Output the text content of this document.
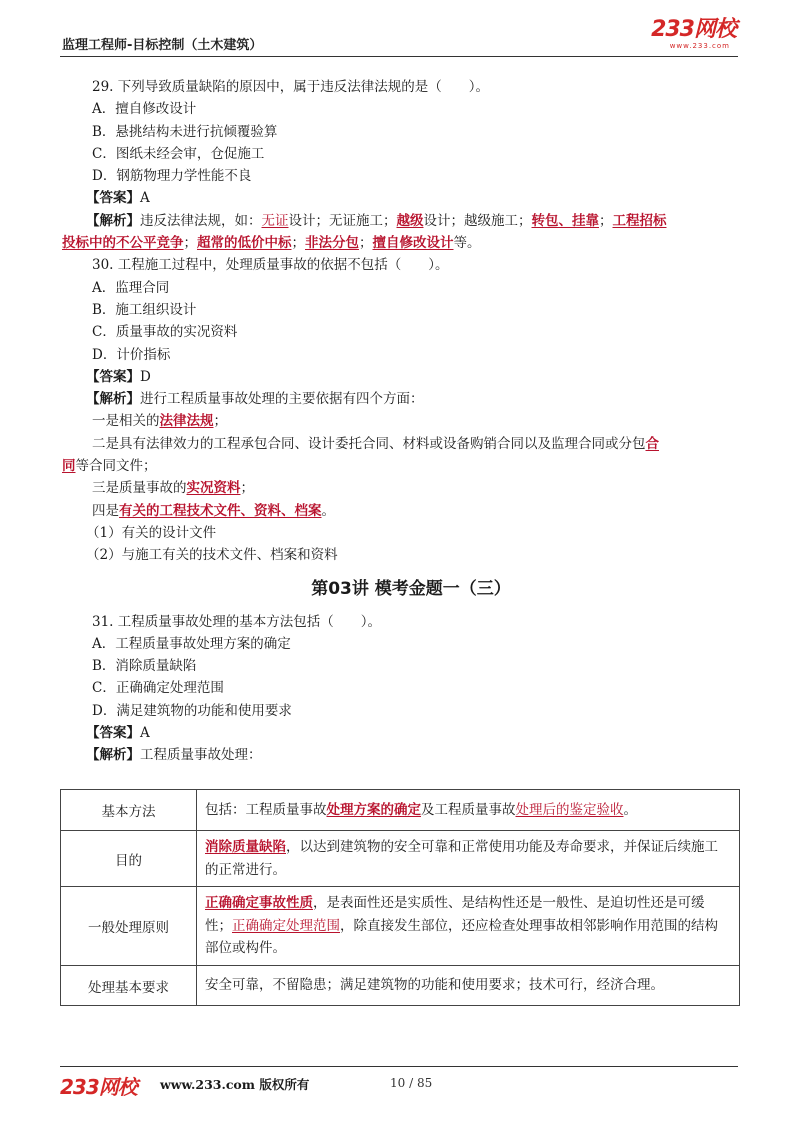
监理工程师-目标控制（土木建筑）
233网校
www.233.com
29. 下列导致质量缺陷的原因中，属于违反法律法规的是（　　）。
A．擅自修改设计
B．悬挑结构未进行抗倾覆验算
C．图纸未经会审，仓促施工
D．钢筋物理力学性能不良
【答案】A
【解析】违反法律法规，如：无证设计；无证施工；越级设计；越级施工；转包、挂靠；工程招标
投标中的不公平竞争；超常的低价中标；非法分包；擅自修改设计等。
30. 工程施工过程中，处理质量事故的依据不包括（　　）。
A．监理合同
B．施工组织设计
C．质量事故的实况资料
D．计价指标
【答案】D
【解析】进行工程质量事故处理的主要依据有四个方面：
一是相关的法律法规；
二是具有法律效力的工程承包合同、设计委托合同、材料或设备购销合同以及监理合同或分包合
同等合同文件；
三是质量事故的实况资料；
四是有关的工程技术文件、资料、档案。
（1）有关的设计文件
（2）与施工有关的技术文件、档案和资料
第03讲 模考金题一（三）
31. 工程质量事故处理的基本方法包括（　　）。
A．工程质量事故处理方案的确定
B．消除质量缺陷
C．正确确定处理范围
D．满足建筑物的功能和使用要求
【答案】A
【解析】工程质量事故处理：
基本方法	包括：工程质量事故处理方案的确定及工程质量事故处理后的鉴定验收。
目的	消除质量缺陷，以达到建筑物的安全可靠和正常使用功能及寿命要求，并保证后续施工的正常进行。
一般处理原则	正确确定事故性质，是表面性还是实质性、是结构性还是一般性、是迫切性还是可缓性；正确确定处理范围，除直接发生部位，还应检查处理事故相邻影响作用范围的结构部位或构件。
处理基本要求	安全可靠，不留隐患；满足建筑物的功能和使用要求；技术可行，经济合理。
233网校 www.233.com 版权所有	10 / 85
